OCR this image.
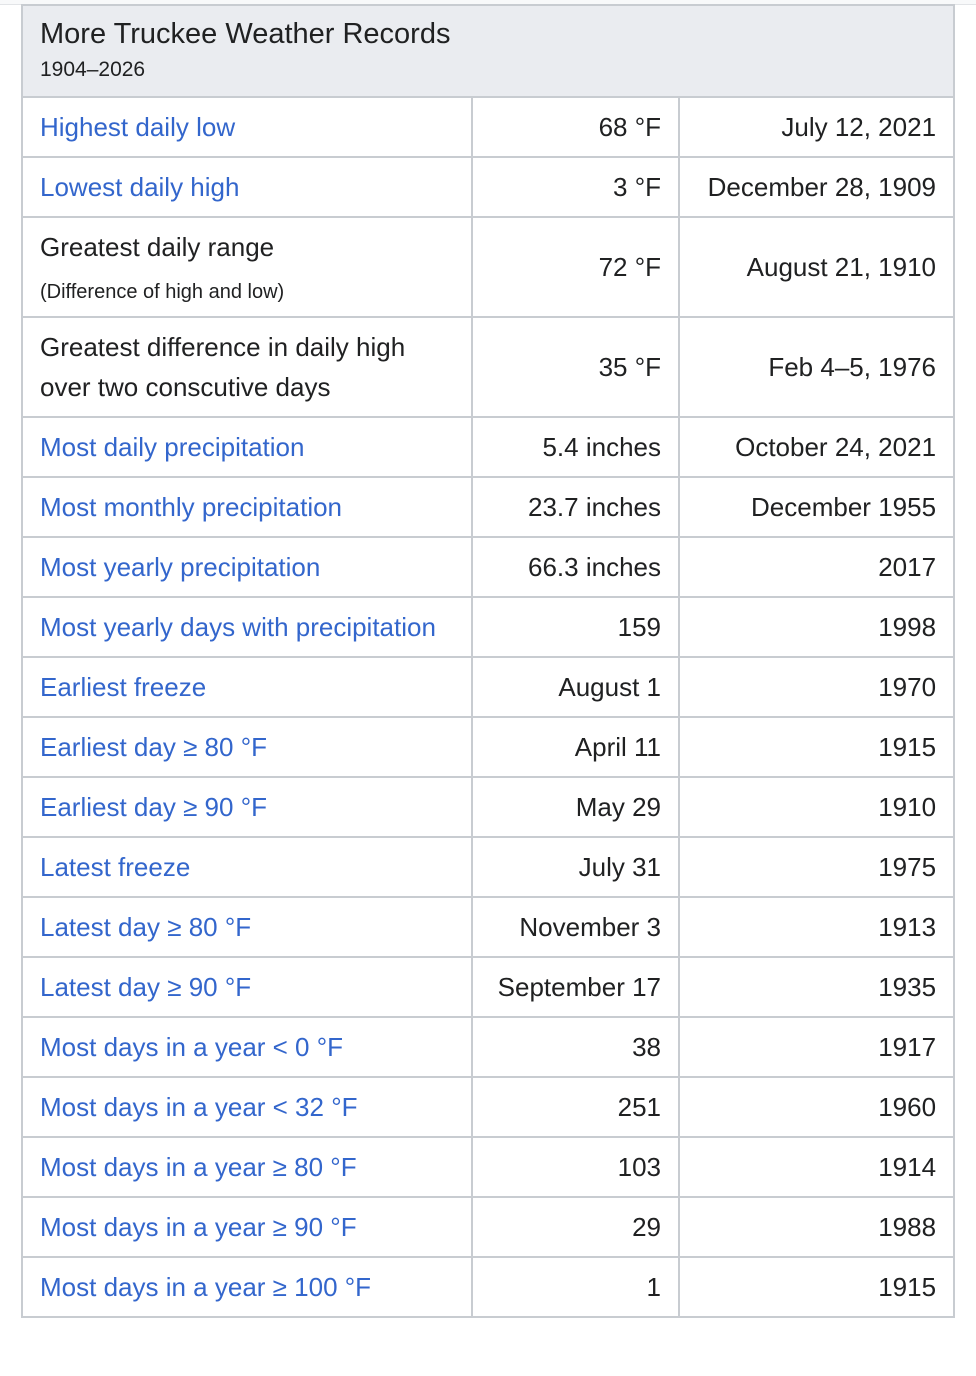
More Truckee Weather Records
1904–2026		

Highest daily low	68 °F	July 12, 2021
Lowest daily high	3 °F	December 28, 1909
Greatest daily range
(Difference of high and low)	72 °F	August 21, 1910
Greatest difference in daily high over two conscutive days	35 °F	Feb 4–5, 1976
Most daily precipitation	5.4 inches	October 24, 2021
Most monthly precipitation	23.7 inches	December 1955
Most yearly precipitation	66.3 inches	2017
Most yearly days with precipitation	159	1998
Earliest freeze	August 1	1970
Earliest day ≥ 80 °F	April 11	1915
Earliest day ≥ 90 °F	May 29	1910
Latest freeze	July 31	1975
Latest day ≥ 80 °F	November 3	1913
Latest day ≥ 90 °F	September 17	1935
Most days in a year < 0 °F	38	1917
Most days in a year < 32 °F	251	1960
Most days in a year ≥ 80 °F	103	1914
Most days in a year ≥ 90 °F	29	1988
Most days in a year ≥ 100 °F	1	1915
